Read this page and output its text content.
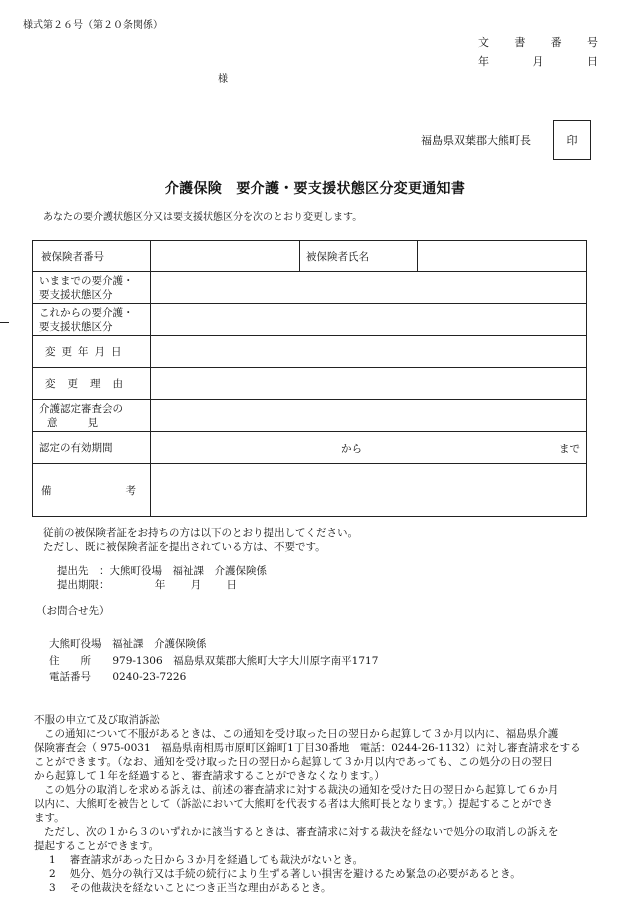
様式第２６号（第２０条関係）
文 書 番 号
年	月	日
様
福島県双葉郡大熊町長	印
介護保険　要介護・要支援状態区分変更通知書
あなたの要介護状態区分又は要支援状態区分を次のとおり変更します。
被保険者番号		被保険者氏名	

いままでの要介護・
要支援状態区分			

これからの要介護・
要支援状態区分			

変更年月日			
変更理由			

介護認定審査会の
意見			

認定の有効期間	から まで		

備 考			

従前の被保険者証をお持ちの方は以下のとおり提出してください。
ただし、既に被保険者証を提出されている方は、不要です。
提出先　：大熊町役場　福祉課　介護保険係
提出期限：	年 月 日
（お問合せ先）
大熊町役場　福祉課　介護保険係
住　　所 979-1306　福島県双葉郡大熊町大字大川原字南平1717
電話番号 0240-23-7226
不服の申立て及び取消訴訟
この通知について不服があるときは、この通知を受け取った日の翌日から起算して３か月以内に、福島県介護
保険審査会（ 975-0031　福島県南相馬市原町区錦町1丁目30番地　電話：0244-26-1132）に対し審査請求をする
ことができます。（なお、通知を受け取った日の翌日から起算して３か月以内であっても、この処分の日の翌日
から起算して１年を経過すると、審査請求することができなくなります。）
この処分の取消しを求める訴えは、前述の審査請求に対する裁決の通知を受けた日の翌日から起算して６か月
以内に、大熊町を被告として（訴訟において大熊町を代表する者は大熊町長となります。）提起することができ
ます。
ただし、次の１から３のいずれかに該当するときは、審査請求に対する裁決を経ないで処分の取消しの訴えを
提起することができます。
1 審査請求があった日から３か月を経過しても裁決がないとき。
2 処分、処分の執行又は手続の続行により生ずる著しい損害を避けるため緊急の必要があるとき。
3 その他裁決を経ないことにつき正当な理由があるとき。
